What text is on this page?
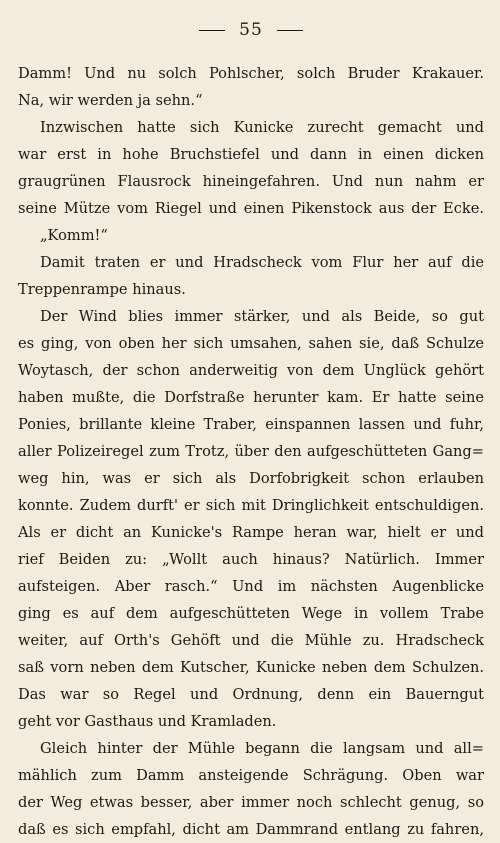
55
Damm! Und nu solch Pohlscher, solch Bruder Krakauer.
Na, wir werden ja sehn.“
Inzwischen hatte sich Kunicke zurecht gemacht und
war erst in hohe Bruchstiefel und dann in einen dicken
graugrünen Flausrock hineingefahren. Und nun nahm er
seine Mütze vom Riegel und einen Pikenstock aus der Ecke.
„Komm!“
Damit traten er und Hradscheck vom Flur her auf die
Treppenrampe hinaus.
Der Wind blies immer stärker, und als Beide, so gut
es ging, von oben her sich umsahen, sahen sie, daß Schulze
Woytasch, der schon anderweitig von dem Unglück gehört
haben mußte, die Dorfstraße herunter kam. Er hatte seine
Ponies, brillante kleine Traber, einspannen lassen und fuhr,
aller Polizeiregel zum Trotz, über den aufgeschütteten Gang=
weg hin, was er sich als Dorfobrigkeit schon erlauben
konnte. Zudem durft' er sich mit Dringlichkeit entschuldigen.
Als er dicht an Kunicke's Rampe heran war, hielt er und
rief Beiden zu: „Wollt auch hinaus? Natürlich. Immer
aufsteigen. Aber rasch.“ Und im nächsten Augenblicke
ging es auf dem aufgeschütteten Wege in vollem Trabe
weiter, auf Orth's Gehöft und die Mühle zu. Hradscheck
saß vorn neben dem Kutscher, Kunicke neben dem Schulzen.
Das war so Regel und Ordnung, denn ein Bauerngut
geht vor Gasthaus und Kramladen.
Gleich hinter der Mühle begann die langsam und all=
mählich zum Damm ansteigende Schrägung. Oben war
der Weg etwas besser, aber immer noch schlecht genug, so
daß es sich empfahl, dicht am Dammrand entlang zu fahren,
